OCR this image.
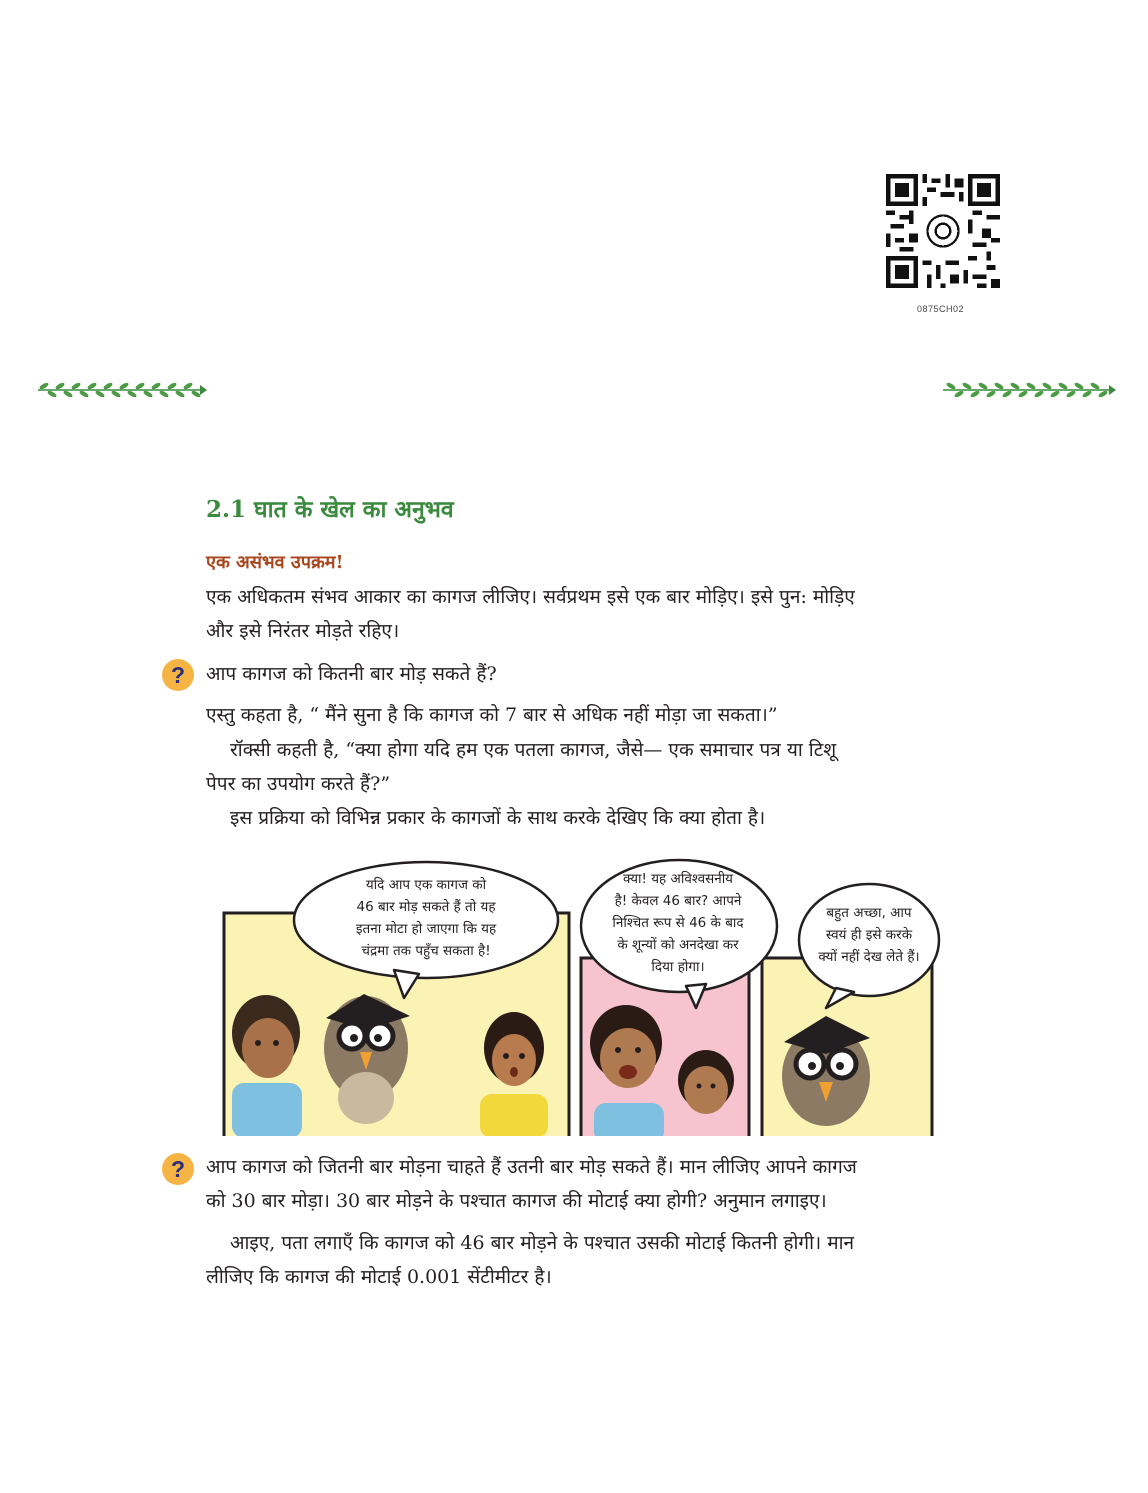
0875CH02
2.1 घात के खेल का अनुभव
एक असंभव उपक्रम!
एक अधिकतम संभव आकार का कागज लीजिए। सर्वप्रथम इसे एक बार मोड़िए। इसे पुन: मोड़िए
और इसे निरंतर मोड़ते रहिए।
?	आप कागज को कितनी बार मोड़ सकते हैं?
एस्तु कहता है, “ मैंने सुना है कि कागज को 7 बार से अधिक नहीं मोड़ा जा सकता।”
रॉक्सी कहती है, “क्या होगा यदि हम एक पतला कागज, जैसे— एक समाचार पत्र या टिशू
पेपर का उपयोग करते हैं?”
इस प्रक्रिया को विभिन्न प्रकार के कागजों के साथ करके देखिए कि क्या होता है।
यदि आप एक कागज को
46 बार मोड़ सकते हैं तो यह
इतना मोटा हो जाएगा कि यह
चंद्रमा तक पहुँच सकता है!
क्या! यह अविश्वसनीय
है! केवल 46 बार? आपने
निश्चित रूप से 46 के बाद
के शून्यों को अनदेखा कर
दिया होगा।
बहुत अच्छा, आप
स्वयं ही इसे करके
क्यों नहीं देख लेते हैं।
?	आप कागज को जितनी बार मोड़ना चाहते हैं उतनी बार मोड़ सकते हैं। मान लीजिए आपने कागज
को 30 बार मोड़ा। 30 बार मोड़ने के पश्चात कागज की मोटाई क्या होगी? अनुमान लगाइए।
आइए, पता लगाएँ कि कागज को 46 बार मोड़ने के पश्चात उसकी मोटाई कितनी होगी। मान
लीजिए कि कागज की मोटाई 0.001 सेंटीमीटर है।
